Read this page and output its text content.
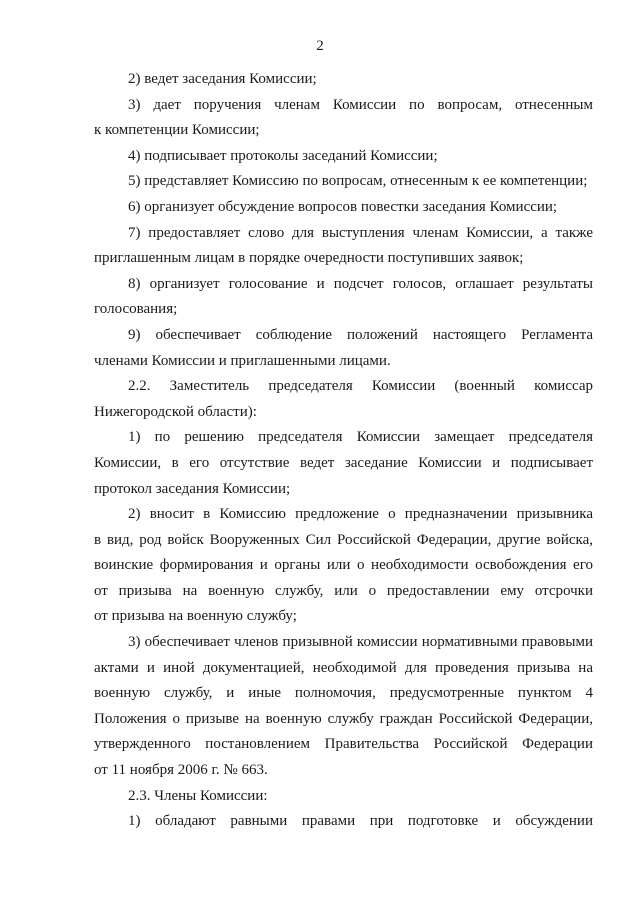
2
2) ведет заседания Комиссии;
3) дает поручения членам Комиссии по вопросам, отнесенным
к компетенции Комиссии;
4) подписывает протоколы заседаний Комиссии;
5) представляет Комиссию по вопросам, отнесенным к ее компетенции;
6) организует обсуждение вопросов повестки заседания Комиссии;
7) предоставляет слово для выступления членам Комиссии, а также
приглашенным лицам в порядке очередности поступивших заявок;
8) организует голосование и подсчет голосов, оглашает результаты
голосования;
9) обеспечивает соблюдение положений настоящего Регламента
членами Комиссии и приглашенными лицами.
2.2. Заместитель председателя Комиссии (военный комиссар
Нижегородской области):
1) по решению председателя Комиссии замещает председателя
Комиссии, в его отсутствие ведет заседание Комиссии и подписывает
протокол заседания Комиссии;
2) вносит в Комиссию предложение о предназначении призывника
в вид, род войск Вооруженных Сил Российской Федерации, другие войска,
воинские формирования и органы или о необходимости освобождения его
от призыва на военную службу, или о предоставлении ему отсрочки
от призыва на военную службу;
3) обеспечивает членов призывной комиссии нормативными правовыми
актами и иной документацией, необходимой для проведения призыва на
военную службу, и иные полномочия, предусмотренные пунктом 4
Положения о призыве на военную службу граждан Российской Федерации,
утвержденного постановлением Правительства Российской Федерации
от 11 ноября 2006 г. № 663.
2.3. Члены Комиссии:
1) обладают равными правами при подготовке и обсуждении
